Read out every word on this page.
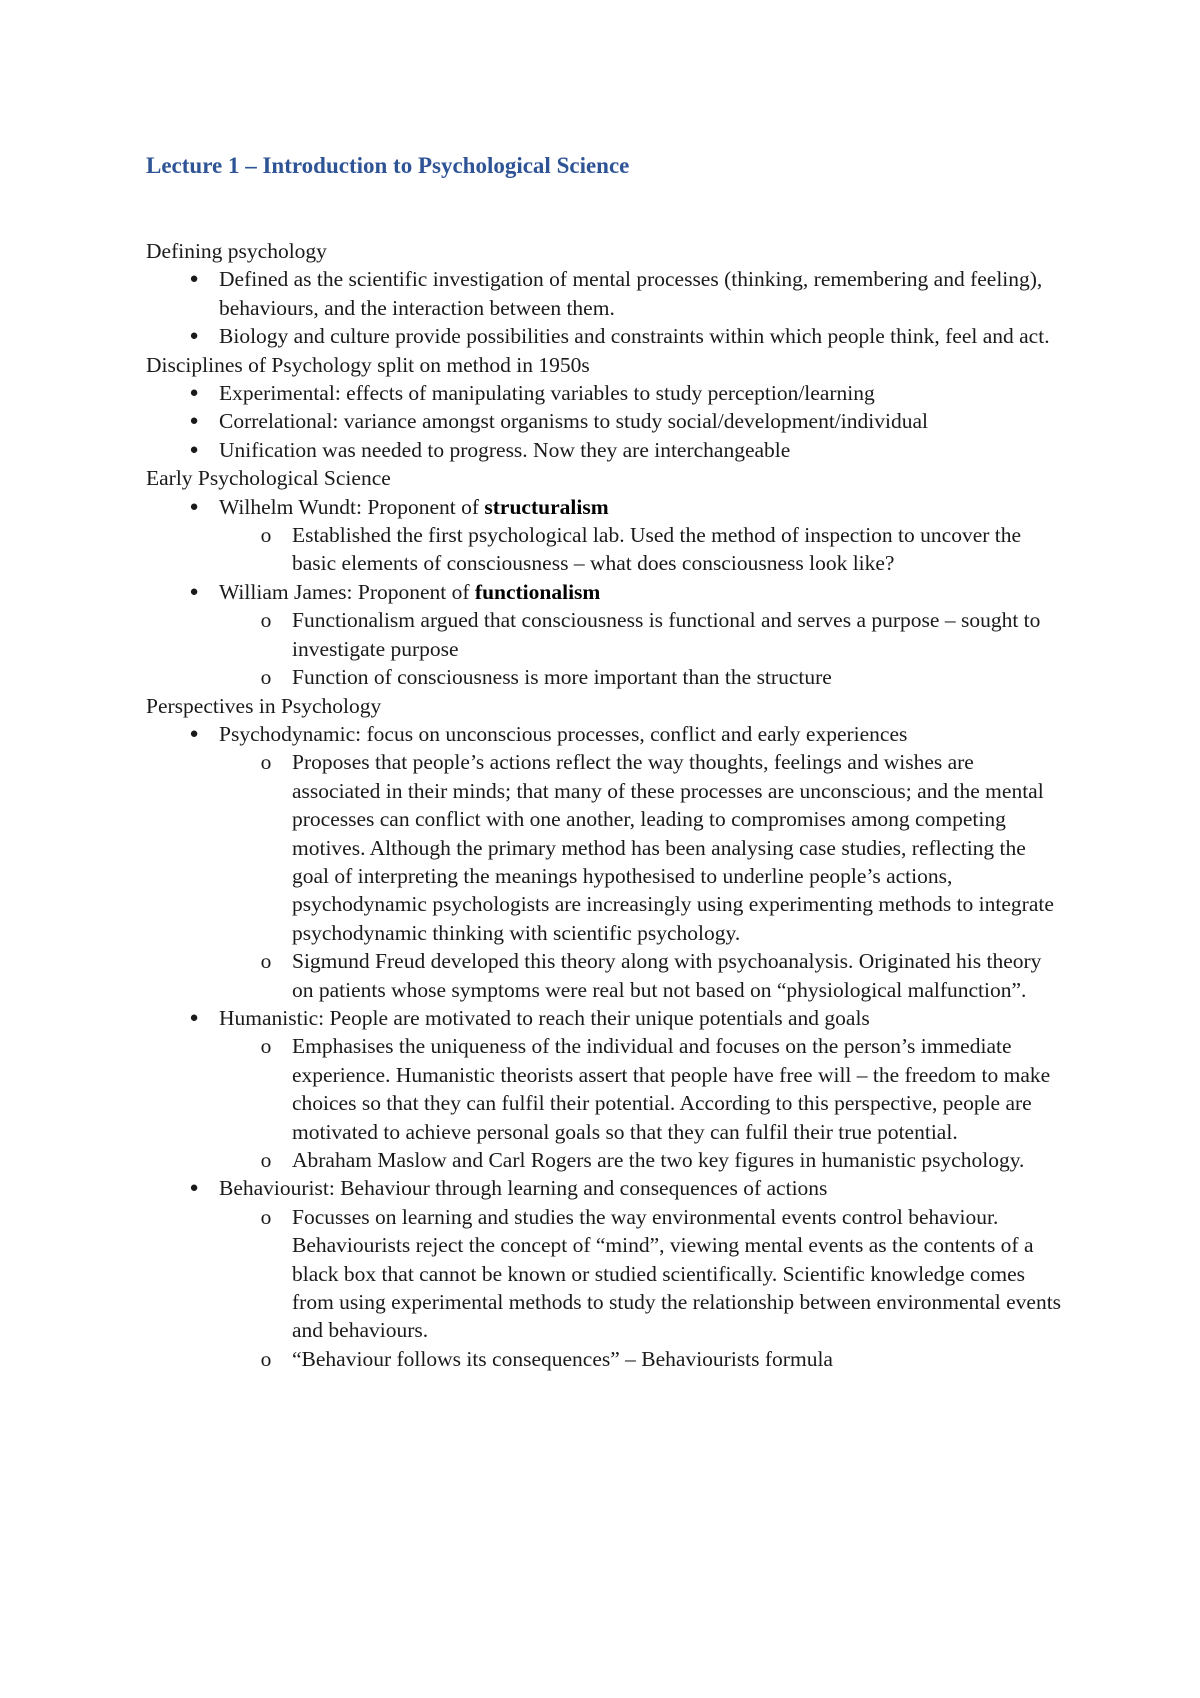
Lecture 1 – Introduction to Psychological Science

Defining psychology

● Defined as the scientific investigation of mental processes (thinking, remembering and feeling), behaviours, and the interaction between them.
● Biology and culture provide possibilities and constraints within which people think, feel and act.

Disciplines of Psychology split on method in 1950s

● Experimental: effects of manipulating variables to study perception/learning
● Correlational: variance amongst organisms to study social/development/individual
● Unification was needed to progress. Now they are interchangeable

Early Psychological Science

● Wilhelm Wundt: Proponent of structuralism
o Established the first psychological lab. Used the method of inspection to uncover the basic elements of consciousness – what does consciousness look like?
● William James: Proponent of functionalism
o Functionalism argued that consciousness is functional and serves a purpose – sought to investigate purpose
o Function of consciousness is more important than the structure

Perspectives in Psychology

● Psychodynamic: focus on unconscious processes, conflict and early experiences
o Proposes that people’s actions reflect the way thoughts, feelings and wishes are associated in their minds; that many of these processes are unconscious; and the mental processes can conflict with one another, leading to compromises among competing motives. Although the primary method has been analysing case studies, reflecting the goal of interpreting the meanings hypothesised to underline people’s actions, psychodynamic psychologists are increasingly using experimenting methods to integrate psychodynamic thinking with scientific psychology.
o Sigmund Freud developed this theory along with psychoanalysis. Originated his theory on patients whose symptoms were real but not based on “physiological malfunction”.
● Humanistic: People are motivated to reach their unique potentials and goals
o Emphasises the uniqueness of the individual and focuses on the person’s immediate experience. Humanistic theorists assert that people have free will – the freedom to make choices so that they can fulfil their potential. According to this perspective, people are motivated to achieve personal goals so that they can fulfil their true potential.
o Abraham Maslow and Carl Rogers are the two key figures in humanistic psychology.
● Behaviourist: Behaviour through learning and consequences of actions
o Focusses on learning and studies the way environmental events control behaviour. Behaviourists reject the concept of “mind”, viewing mental events as the contents of a black box that cannot be known or studied scientifically. Scientific knowledge comes from using experimental methods to study the relationship between environmental events and behaviours.
o “Behaviour follows its consequences” – Behaviourists formula
